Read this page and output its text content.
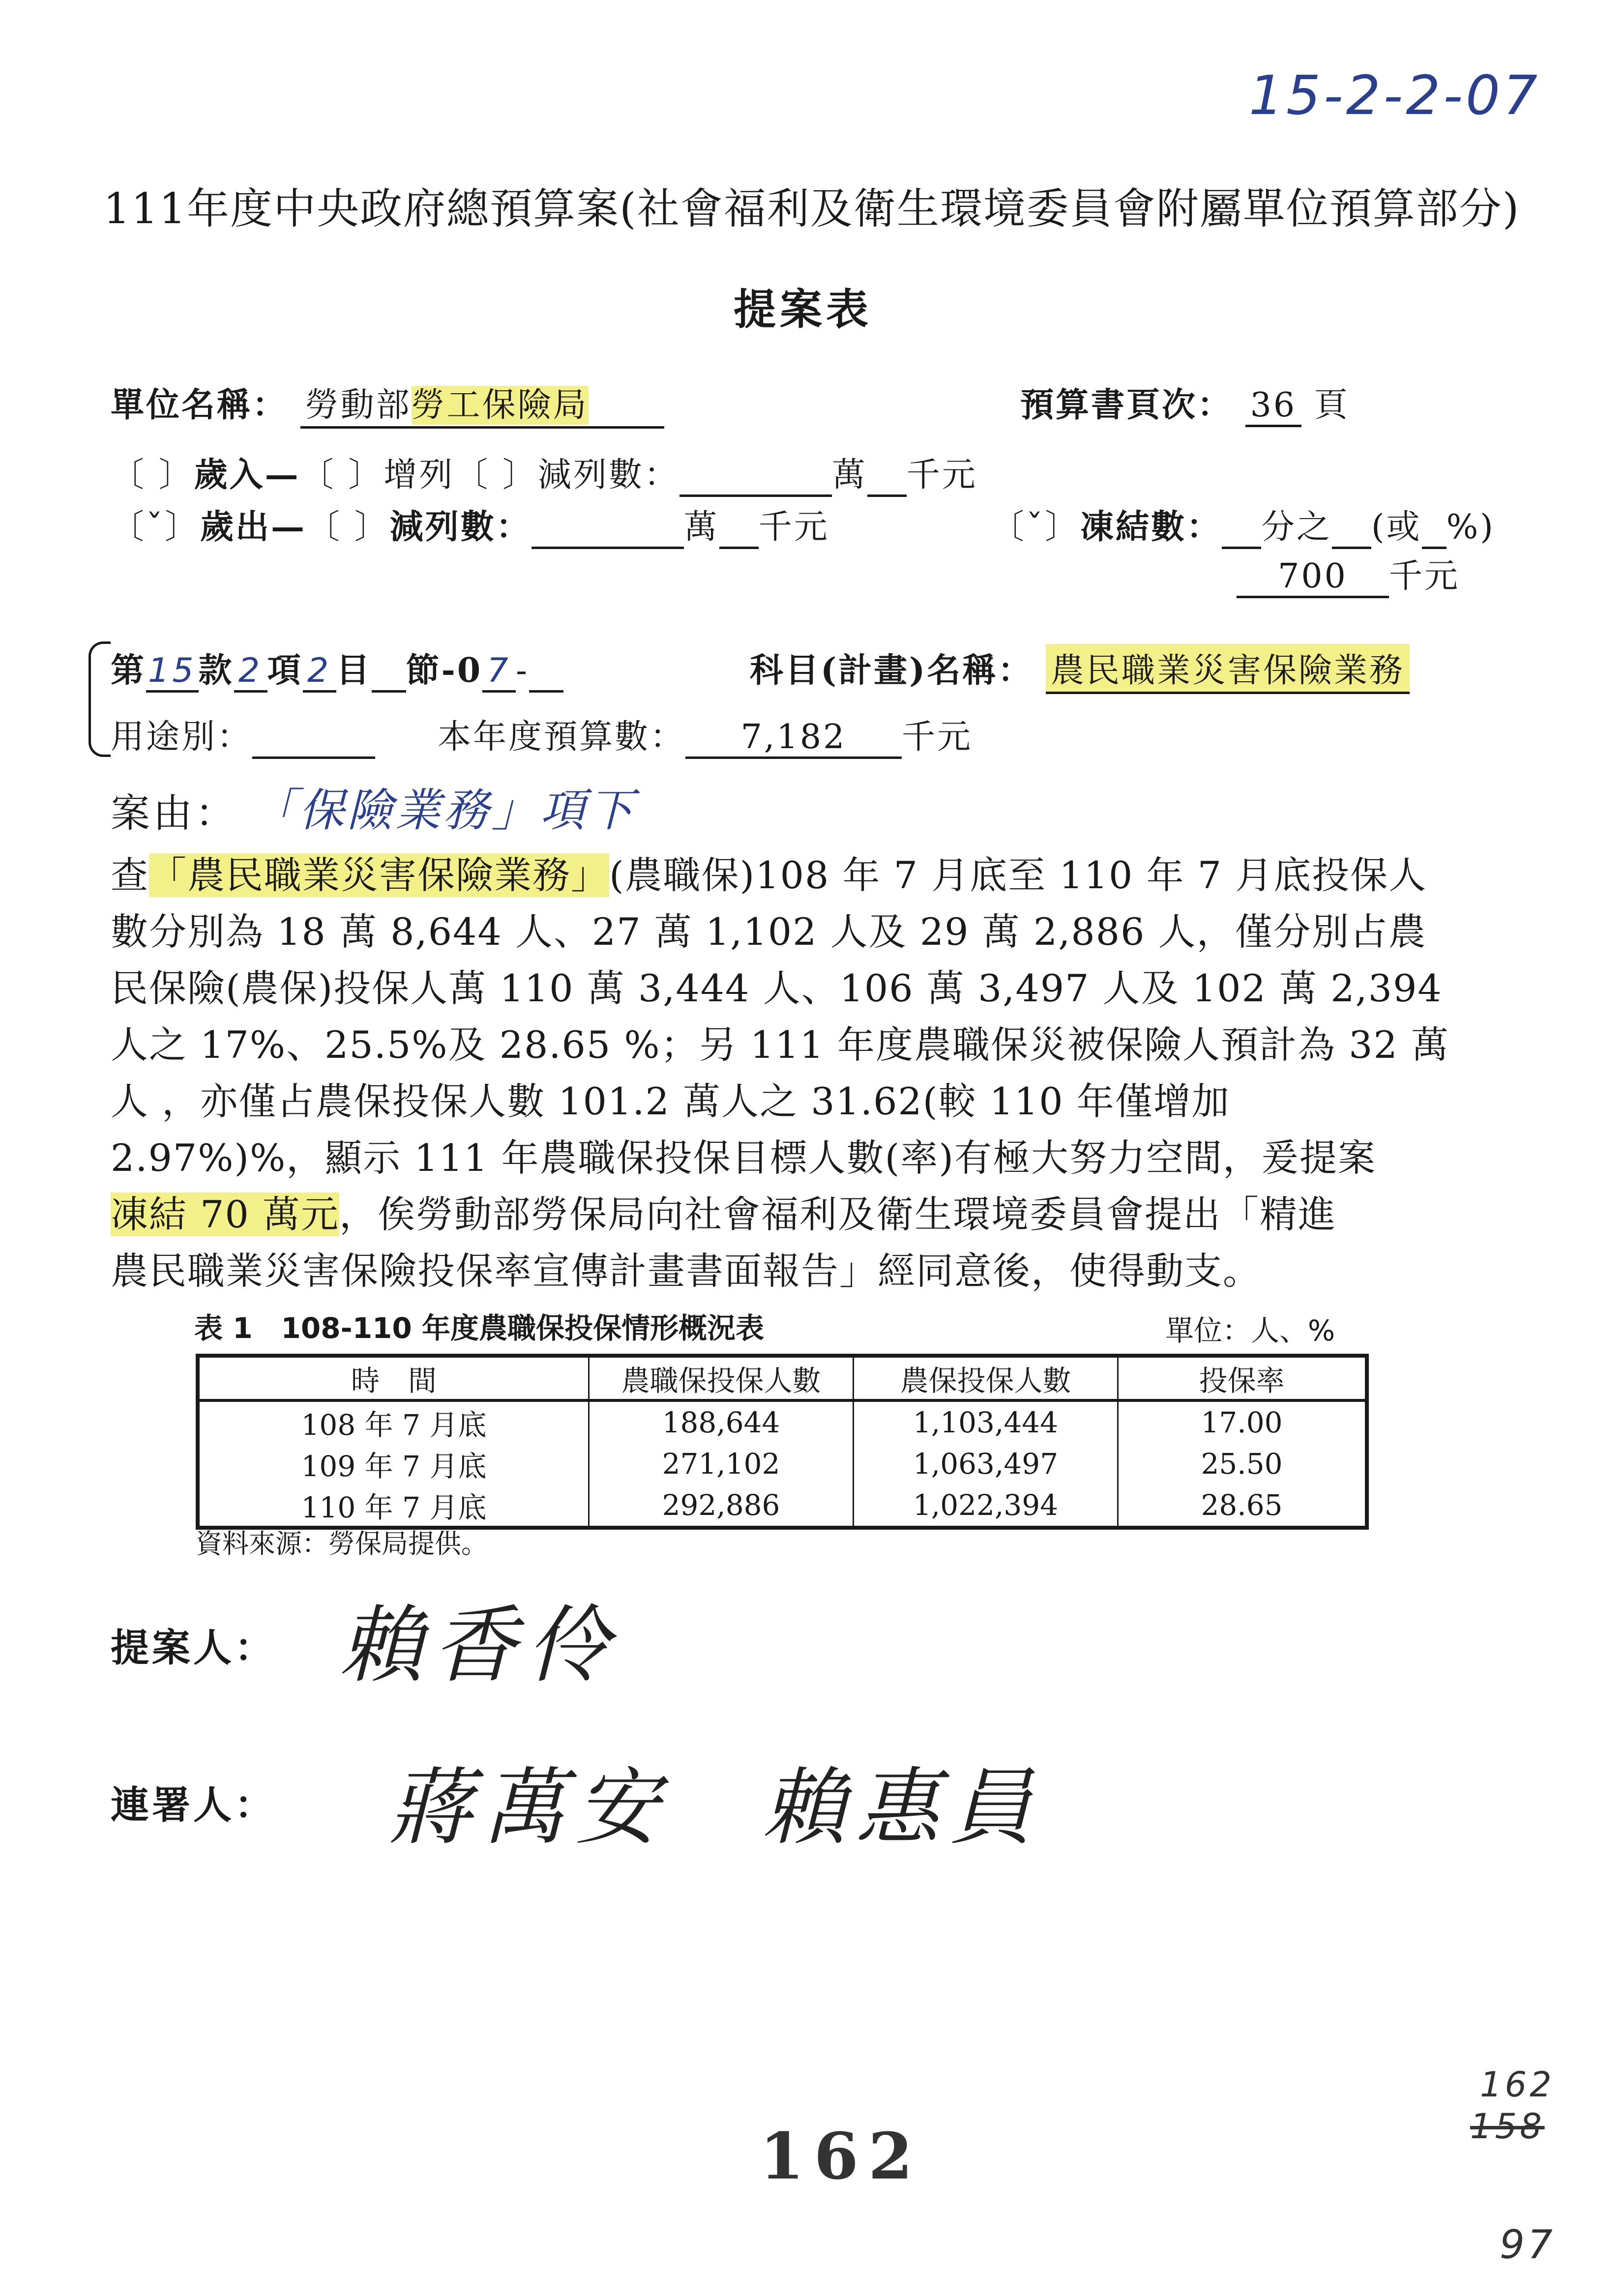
15-2-2-07
111年度中央政府總預算案(社會福利及衛生環境委員會附屬單位預算部分)
提案表
單位名稱： 勞動部勞工保險局	預算書頁次： 36 頁
〔 〕歲入—〔 〕增列〔 〕減列數：	萬 千元
〔ˇ〕歲出—〔 〕減列數：	萬 千元	〔ˇ〕凍結數： 分之 (或 %)
700 千元
第15款 2 項 2 目 節-0 7 -	科目(計畫)名稱： 農民職業災害保險業務
用途別：	本年度預算數： 7,182 千元
案由： 「保險業務」項下
查「農民職業災害保險業務」(農職保)108 年 7 月底至 110 年 7 月底投保人
數分別為 18 萬 8,644 人、27 萬 1,102 人及 29 萬 2,886 人，僅分別占農
民保險(農保)投保人萬 110 萬 3,444 人、106 萬 3,497 人及 102 萬 2,394
人之 17%、25.5%及 28.65 %；另 111 年度農職保災被保險人預計為 32 萬
人 ，亦僅占農保投保人數 101.2 萬人之 31.62(較 110 年僅增加
2.97%)%，顯示 111 年農職保投保目標人數(率)有極大努力空間，爰提案
凍結 70 萬元，俟勞動部勞保局向社會福利及衛生環境委員會提出「精進
農民職業災害保險投保率宣傳計畫書面報告」經同意後，使得動支。
表 1　108-110 年度農職保投保情形概況表	單位：人、%
時　間	農職保投保人數	農保投保人數	投保率
108 年 7 月底	188,644	1,103,444	17.00
109 年 7 月底	271,102	1,063,497	25.50
110 年 7 月底	292,886	1,022,394	28.65
資料來源：勞保局提供。
提案人： 賴香伶
連署人： 蔣萬安　賴惠員
162
162
158
97
